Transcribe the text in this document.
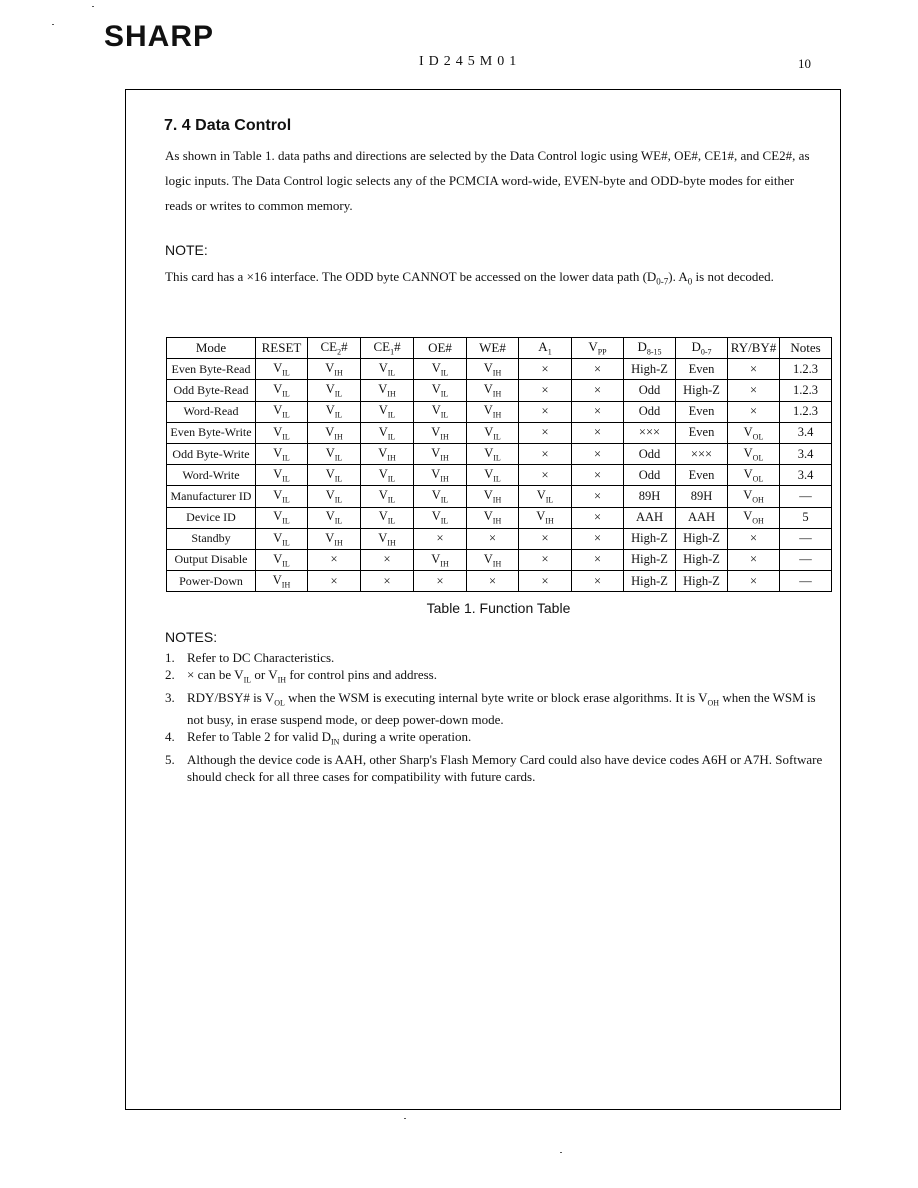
SHARP
ID245M01	10
7. 4 Data Control

As shown in Table 1. data paths and directions are selected by the Data Control logic using WE#, OE#, CE1#, and CE2#, as logic inputs. The Data Control logic selects any of the PCMCIA word-wide, EVEN-byte and ODD-byte modes for either reads or writes to common memory.

NOTE:

This card has a ×16 interface. The ODD byte CANNOT be accessed on the lower data path $(D_{0-7})$. $A_0$ is not decoded.

Mode	RESET	$CE_2\#$	$CE_1\#$	OE#	WE#	$A_1$	$V_{PP}$	$D_{8-15}$	$D_{0-7}$	RY/BY#	Notes
Even Byte-Read	$V_{IL}$	$V_{IH}$	$V_{IL}$	$V_{IL}$	$V_{IH}$	×	×	High-Z	Even	×	1.2.3
Odd Byte-Read	$V_{IL}$	$V_{IL}$	$V_{IH}$	$V_{IL}$	$V_{IH}$	×	×	Odd	High-Z	×	1.2.3
Word-Read	$V_{IL}$	$V_{IL}$	$V_{IL}$	$V_{IL}$	$V_{IH}$	×	×	Odd	Even	×	1.2.3
Even Byte-Write	$V_{IL}$	$V_{IH}$	$V_{IL}$	$V_{IH}$	$V_{IL}$	×	×	×××	Even	$V_{OL}$	3.4
Odd Byte-Write	$V_{IL}$	$V_{IL}$	$V_{IH}$	$V_{IH}$	$V_{IL}$	×	×	Odd	×××	$V_{OL}$	3.4
Word-Write	$V_{IL}$	$V_{IL}$	$V_{IL}$	$V_{IH}$	$V_{IL}$	×	×	Odd	Even	$V_{OL}$	3.4
Manufacturer ID	$V_{IL}$	$V_{IL}$	$V_{IL}$	$V_{IL}$	$V_{IH}$	$V_{IL}$	×	89H	89H	$V_{OH}$	—
Device ID	$V_{IL}$	$V_{IL}$	$V_{IL}$	$V_{IL}$	$V_{IH}$	$V_{IH}$	×	AAH	AAH	$V_{OH}$	5
Standby	$V_{IL}$	$V_{IH}$	$V_{IH}$	×	×	×	×	High-Z	High-Z	×	—
Output Disable	$V_{IL}$	×	×	$V_{IH}$	$V_{IH}$	×	×	High-Z	High-Z	×	—
Power-Down	$V_{IH}$	×	×	×	×	×	×	High-Z	High-Z	×	—
Table 1. Function Table
NOTES:
1. Refer to DC Characteristics.
2. × can be $V_{IL}$ or $V_{IH}$ for control pins and address.
3. RDY/BSY# is $V_{OL}$ when the WSM is executing internal byte write or block erase algorithms. It is $V_{OH}$ when the WSM is not busy, in erase suspend mode, or deep power-down mode.
4. Refer to Table 2 for valid $D_{IN}$ during a write operation.
5. Although the device code is AAH, other Sharp's Flash Memory Card could also have device codes A6H or A7H. Software should check for all three cases for compatibility with future cards.
